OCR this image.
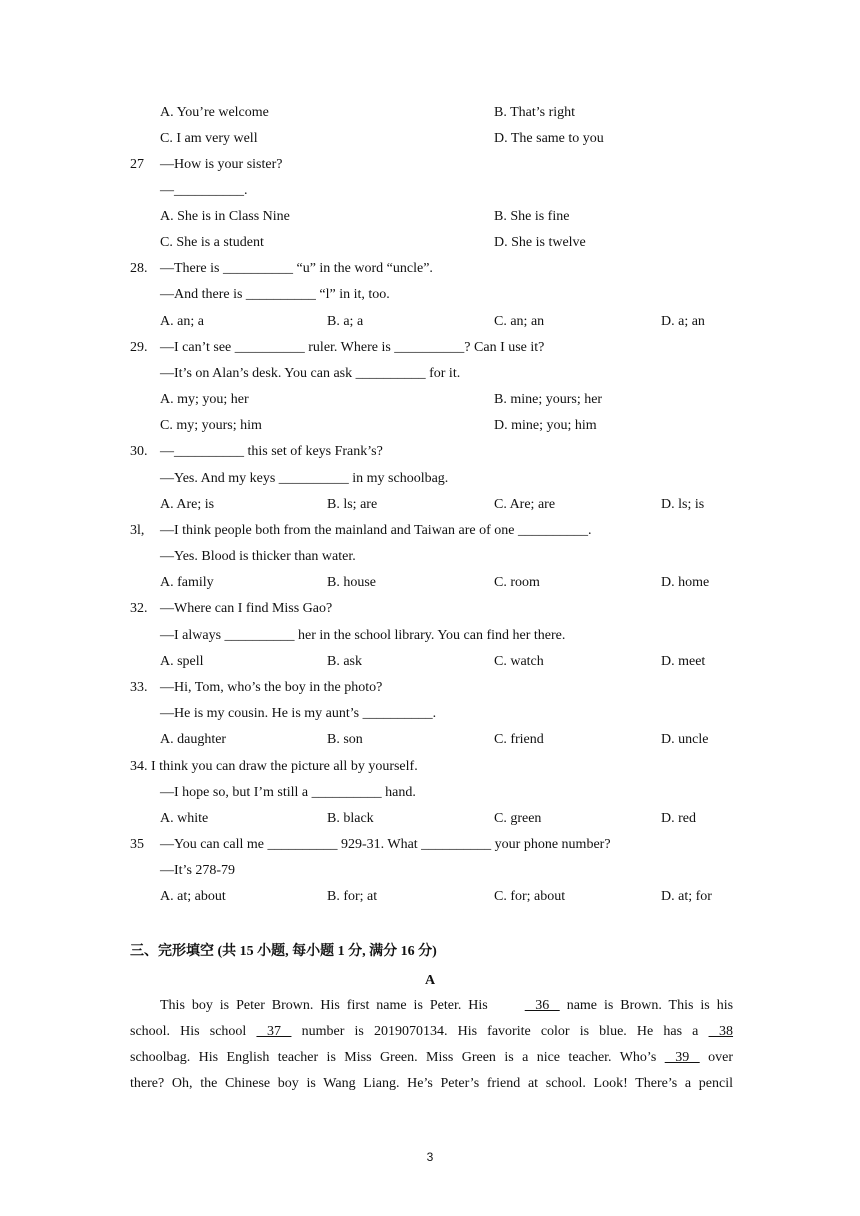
A. You’re welcome	B. That’s right
C. I am very well	D. The same to you
27 —How is your sister?
—__________.
A. She is in Class Nine	B. She is fine
C. She is a student	D. She is twelve
28. —There is __________ “u” in the word “uncle”.
—And there is __________ “l” in it, too.
A. an; a	B. a; a	C. an; an	D. a; an
29. —I can’t see __________ ruler. Where is __________? Can I use it?
—It’s on Alan’s desk. You can ask __________ for it.
A. my; you; her	B. mine; yours; her
C. my; yours; him	D. mine; you; him
30. —__________ this set of keys Frank’s?
—Yes. And my keys __________ in my schoolbag.
A. Are; is	B. ls; are	C. Are; are	D. ls; is
3l, —I think people both from the mainland and Taiwan are of one __________.
—Yes. Blood is thicker than water.
A. family	B. house	C. room	D. home
32. —Where can I find Miss Gao?
—I always __________ her in the school library. You can find her there.
A. spell	B. ask	C. watch	D. meet
33. —Hi, Tom, who’s the boy in the photo?
—He is my cousin. He is my aunt’s __________.
A. daughter	B. son	C. friend	D. uncle
34. I think you can draw the picture all by yourself.
—I hope so, but I’m still a __________ hand.
A. white	B. black	C. green	D. red
35 —You can call me __________ 929-31. What __________ your phone number?
—It’s 278-79
A. at; about	B. for; at	C. for; about	D. at; for
三、完形填空 (共 15 小题, 每小题 1 分, 满分 16 分)
A
This boy is Peter Brown. His first name is Peter. His	36    name is Brown. This is his
school. His school    37    number is 2019070134. His favorite color is blue. He has a    38
schoolbag. His English teacher is Miss Green. Miss Green is a nice teacher. Who’s    39    over
there? Oh, the Chinese boy is Wang Liang. He’s Peter’s friend at school. Look! There’s a pencil
3
